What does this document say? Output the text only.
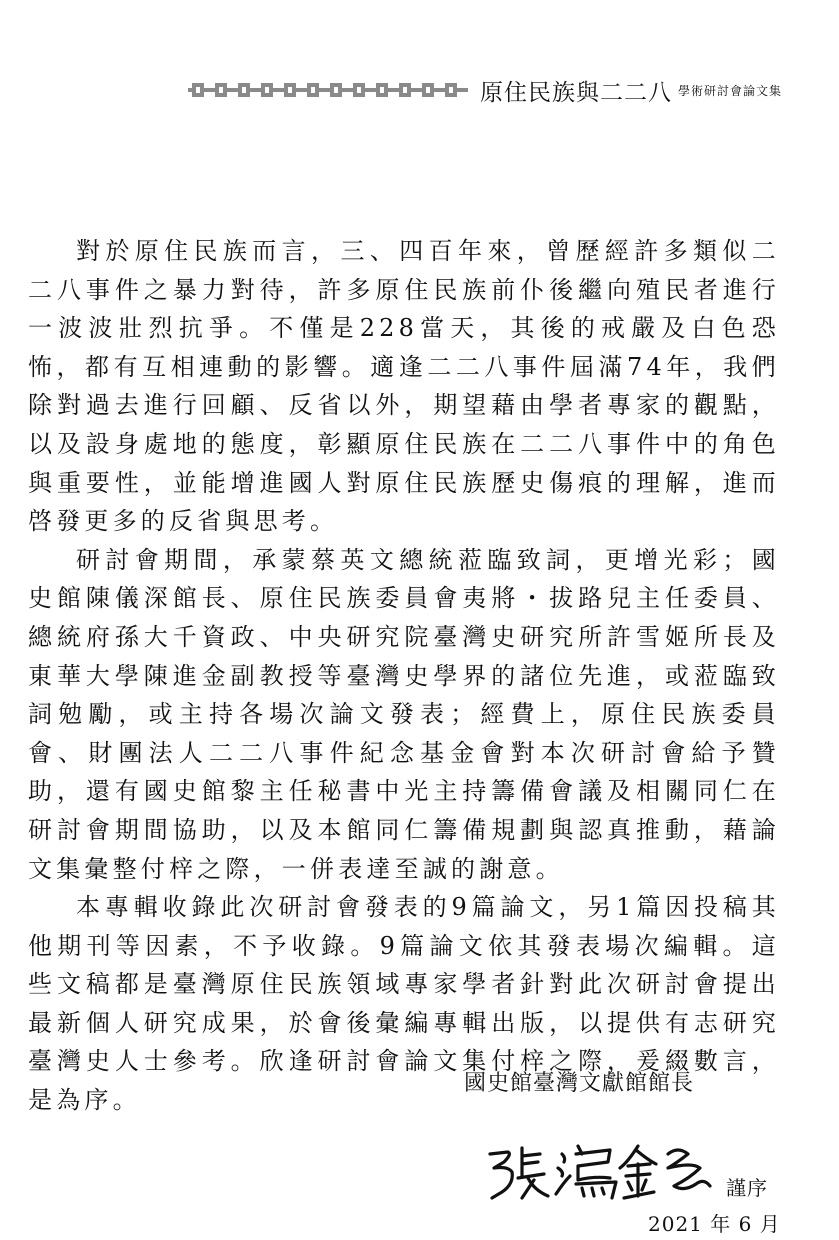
原住民族與二二八 學術研討會論文集

對於原住民族而言，三、四百年來，曾歷經許多類似二二八事件之暴力對待，許多原住民族前仆後繼向殖民者進行一波波壯烈抗爭。不僅是228當天，其後的戒嚴及白色恐怖，都有互相連動的影響。適逢二二八事件屆滿74年，我們除對過去進行回顧、反省以外，期望藉由學者專家的觀點，以及設身處地的態度，彰顯原住民族在二二八事件中的角色與重要性，並能增進國人對原住民族歷史傷痕的理解，進而啓發更多的反省與思考。

研討會期間，承蒙蔡英文總統蒞臨致詞，更增光彩；國史館陳儀深館長、原住民族委員會夷將・拔路兒主任委員、總統府孫大千資政、中央研究院臺灣史研究所許雪姬所長及東華大學陳進金副教授等臺灣史學界的諸位先進，或蒞臨致詞勉勵，或主持各場次論文發表；經費上，原住民族委員會、財團法人二二八事件紀念基金會對本次研討會給予贊助，還有國史館黎主任秘書中光主持籌備會議及相關同仁在研討會期間協助，以及本館同仁籌備規劃與認真推動，藉論文集彙整付梓之際，一併表達至誠的謝意。

本專輯收錄此次研討會發表的9篇論文，另1篇因投稿其他期刊等因素，不予收錄。9篇論文依其發表場次編輯。這些文稿都是臺灣原住民族領域專家學者針對此次研討會提出最新個人研究成果，於會後彙編專輯出版，以提供有志研究臺灣史人士參考。欣逢研討會論文集付梓之際，爰綴數言，是為序。

國史館臺灣文獻館館長
謹序
2021 年 6 月
